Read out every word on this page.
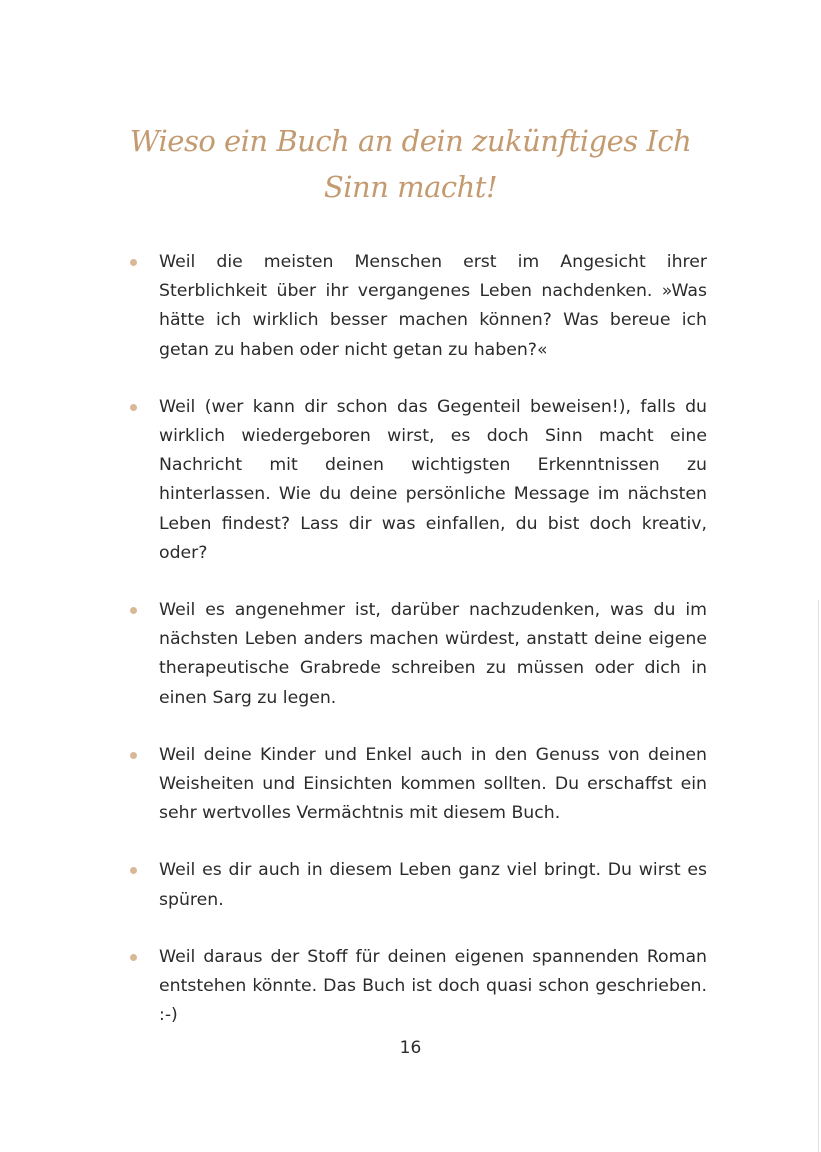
Wieso ein Buch an dein zukünftiges Ich
Sinn macht!
Weil die meisten Menschen erst im Angesicht ihrer Sterblichkeit über ihr vergangenes Leben nachdenken. »Was hätte ich wirklich besser machen können? Was bereue ich getan zu haben oder nicht getan zu haben?«
Weil (wer kann dir schon das Gegenteil beweisen!), falls du wirklich wiedergeboren wirst, es doch Sinn macht eine Nachricht mit deinen wichtigsten Erkenntnissen zu hinterlassen. Wie du deine persönliche Message im nächsten Leben findest? Lass dir was einfallen, du bist doch kreativ, oder?
Weil es angenehmer ist, darüber nachzudenken, was du im nächsten Leben anders machen würdest, anstatt deine eigene therapeutische Grabrede schreiben zu müssen oder dich in einen Sarg zu legen.
Weil deine Kinder und Enkel auch in den Genuss von deinen Weisheiten und Einsichten kommen sollten. Du erschaffst ein sehr wertvolles Vermächtnis mit diesem Buch.
Weil es dir auch in diesem Leben ganz viel bringt. Du wirst es spüren.
Weil daraus der Stoff für deinen eigenen spannenden Roman entstehen könnte. Das Buch ist doch quasi schon geschrieben. :-)
16
